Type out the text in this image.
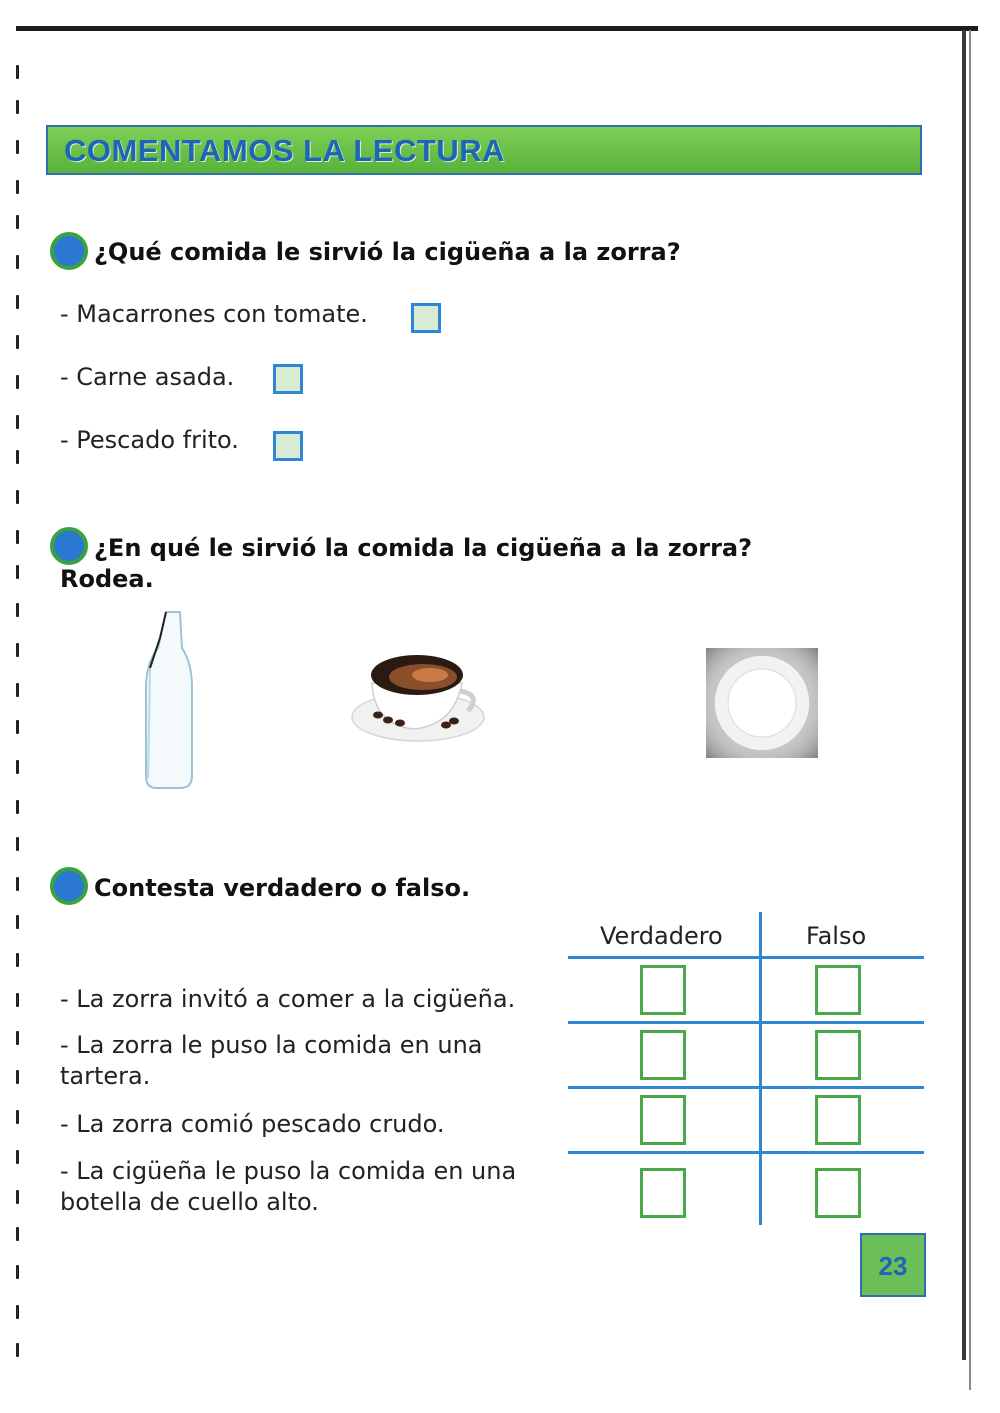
COMENTAMOS LA LECTURA
¿Qué comida le sirvió la cigüeña a la zorra?
- Macarrones con tomate.
- Carne asada.
- Pescado frito.
¿En qué le sirvió la comida la cigüeña a la zorra?
Rodea.
Contesta verdadero o falso.
Verdadero	Falso
- La zorra invitó a comer a la cigüeña.
- La zorra le puso la comida en una tartera.
- La zorra comió pescado crudo.
- La cigüeña le puso la comida en una botella de cuello alto.
23
